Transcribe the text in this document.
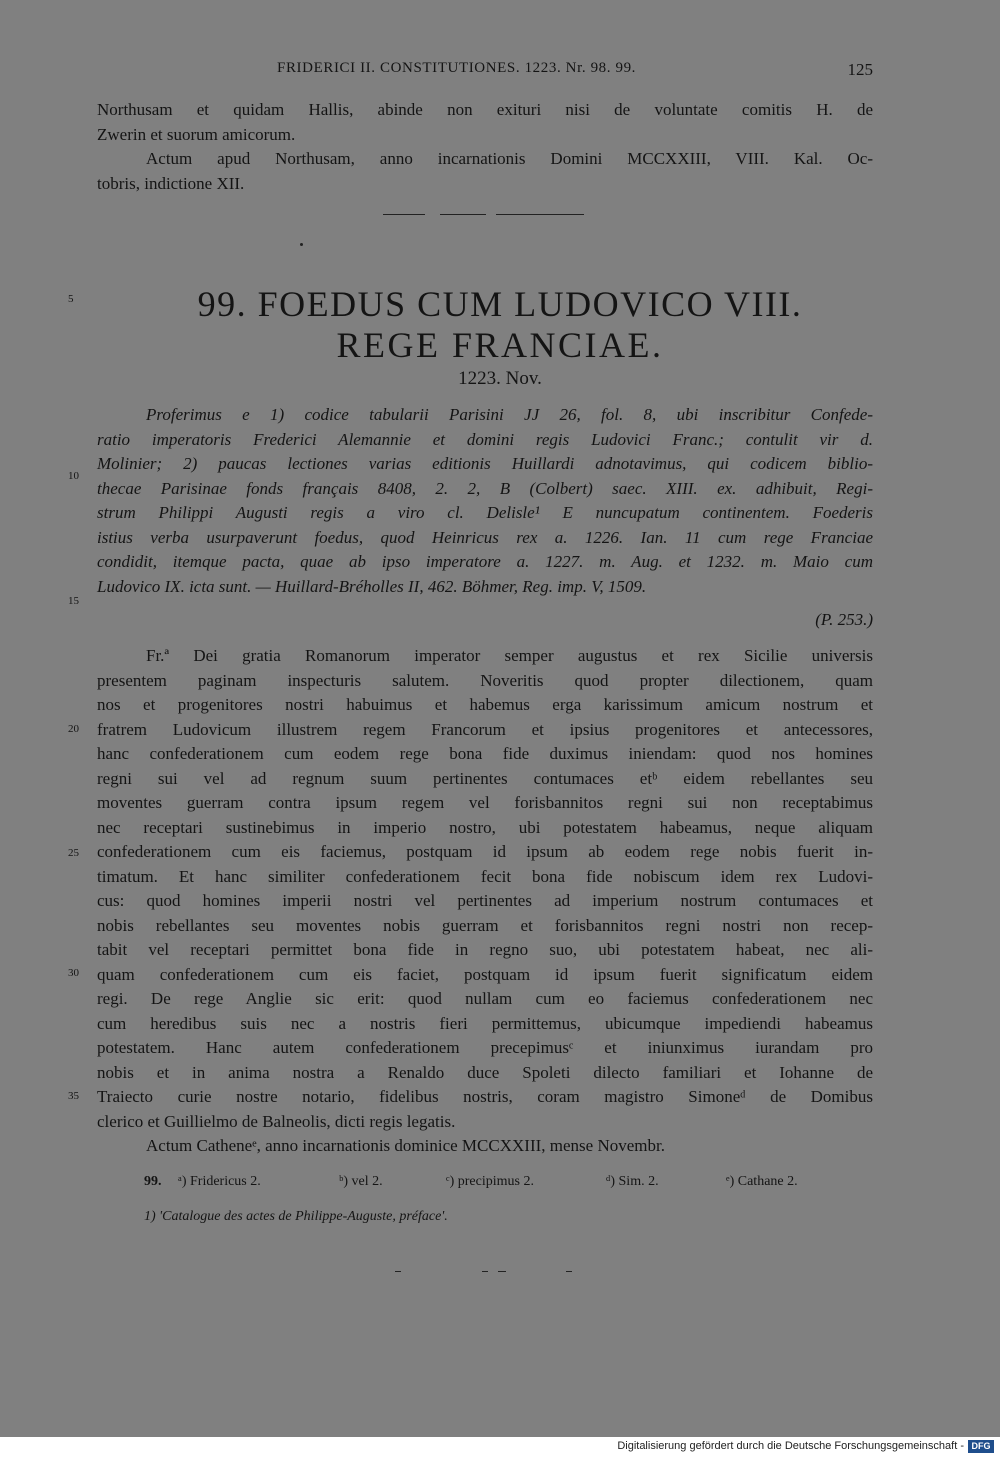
FRIDERICI II. CONSTITUTIONES. 1223. Nr. 98. 99.	125
Northusam et quidam Hallis, abinde non exituri nisi de voluntate comitis H. de
Zwerin et suorum amicorum.
Actum apud Northusam, anno incarnationis Domini MCCXXIII, VIII. Kal. Oc-
tobris, indictione XII.
99. FOEDUS CUM LUDOVICO VIII.
REGE FRANCIAE.
1223. Nov.
5
10
15
20
25
30
35
Proferimus e 1) codice tabularii Parisini JJ 26, fol. 8, ubi inscribitur Confede-
ratio imperatoris Frederici Alemannie et domini regis Ludovici Franc.; contulit vir d.
Molinier; 2) paucas lectiones varias editionis Huillardi adnotavimus, qui codicem biblio-
thecae Parisinae fonds français 8408, 2. 2, B (Colbert) saec. XIII. ex. adhibuit, Regi-
strum Philippi Augusti regis a viro cl. Delisle¹ E nuncupatum continentem. Foederis
istius verba usurpaverunt foedus, quod Heinricus rex a. 1226. Ian. 11 cum rege Franciae
condidit, itemque pacta, quae ab ipso imperatore a. 1227. m. Aug. et 1232. m. Maio cum
Ludovico IX. icta sunt. — Huillard-Bréholles II, 462. Böhmer, Reg. imp. V, 1509.
(P. 253.)
Fr.ª Dei gratia Romanorum imperator semper augustus et rex Sicilie universis
presentem paginam inspecturis salutem. Noveritis quod propter dilectionem, quam
nos et progenitores nostri habuimus et habemus erga karissimum amicum nostrum et
fratrem Ludovicum illustrem regem Francorum et ipsius progenitores et antecessores,
hanc confederationem cum eodem rege bona fide duximus iniendam: quod nos homines
regni sui vel ad regnum suum pertinentes contumaces etᵇ eidem rebellantes seu
moventes guerram contra ipsum regem vel forisbannitos regni sui non receptabimus
nec receptari sustinebimus in imperio nostro, ubi potestatem habeamus, neque aliquam
confederationem cum eis faciemus, postquam id ipsum ab eodem rege nobis fuerit in-
timatum. Et hanc similiter confederationem fecit bona fide nobiscum idem rex Ludovi-
cus: quod homines imperii nostri vel pertinentes ad imperium nostrum contumaces et
nobis rebellantes seu moventes nobis guerram et forisbannitos regni nostri non recep-
tabit vel receptari permittet bona fide in regno suo, ubi potestatem habeat, nec ali-
quam confederationem cum eis faciet, postquam id ipsum fuerit significatum eidem
regi. De rege Anglie sic erit: quod nullam cum eo faciemus confederationem nec
cum heredibus suis nec a nostris fieri permittemus, ubicumque impediendi habeamus
potestatem. Hanc autem confederationem precepimusᶜ et iniunximus iurandam pro
nobis et in anima nostra a Renaldo duce Spoleti dilecto familiari et Iohanne de
Traiecto curie nostre notario, fidelibus nostris, coram magistro Simoneᵈ de Domibus
clerico et Guillielmo de Balneolis, dicti regis legatis.
Actum Catheneᵉ, anno incarnationis dominice MCCXXIII, mense Novembr.
99. ᵃ) Fridericus 2.	ᵇ) vel 2.	ᶜ) precipimus 2.	ᵈ) Sim. 2.	ᵉ) Cathane 2.
1) 'Catalogue des actes de Philippe-Auguste, préface'.
Digitalisierung gefördert durch die Deutsche Forschungsgemeinschaft - DFG
